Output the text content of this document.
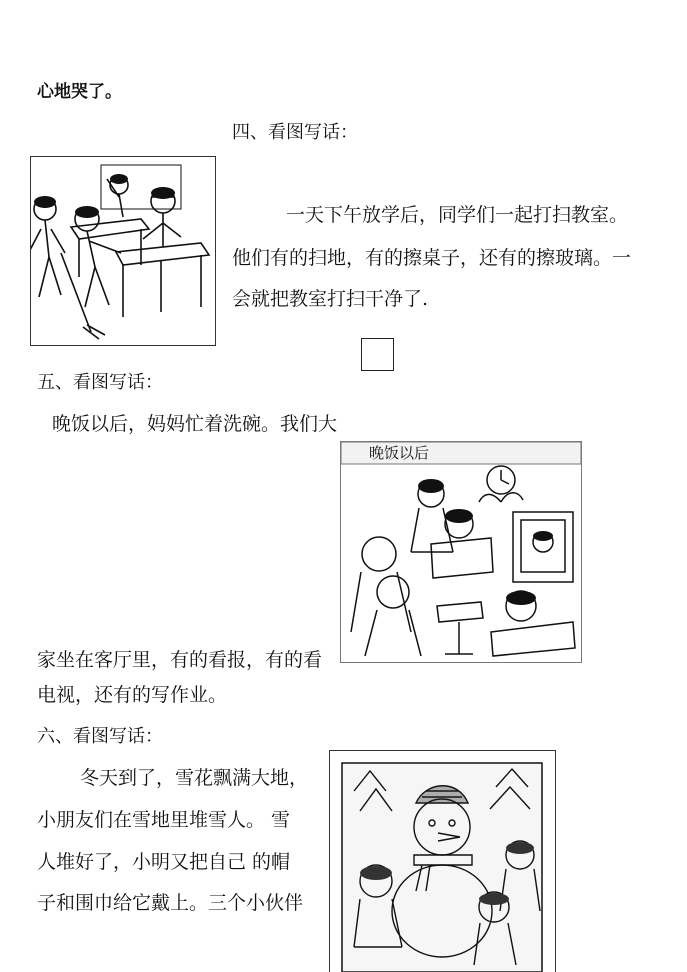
心地哭了。
四、看图写话：
一天下午放学后，同学们一起打扫教室。
他们有的扫地，有的擦桌子，还有的擦玻璃。一
会就把教室打扫干净了.
五、看图写话：
晚饭以后，妈妈忙着洗碗。我们大
晚饭以后
家坐在客厅里，有的看报，有的看
电视，还有的写作业。
六、看图写话：
冬天到了，雪花飘满大地，
小朋友们在雪地里堆雪人。 雪
人堆好了，小明又把自己 的帽
子和围巾给它戴上。三个小伙伴
